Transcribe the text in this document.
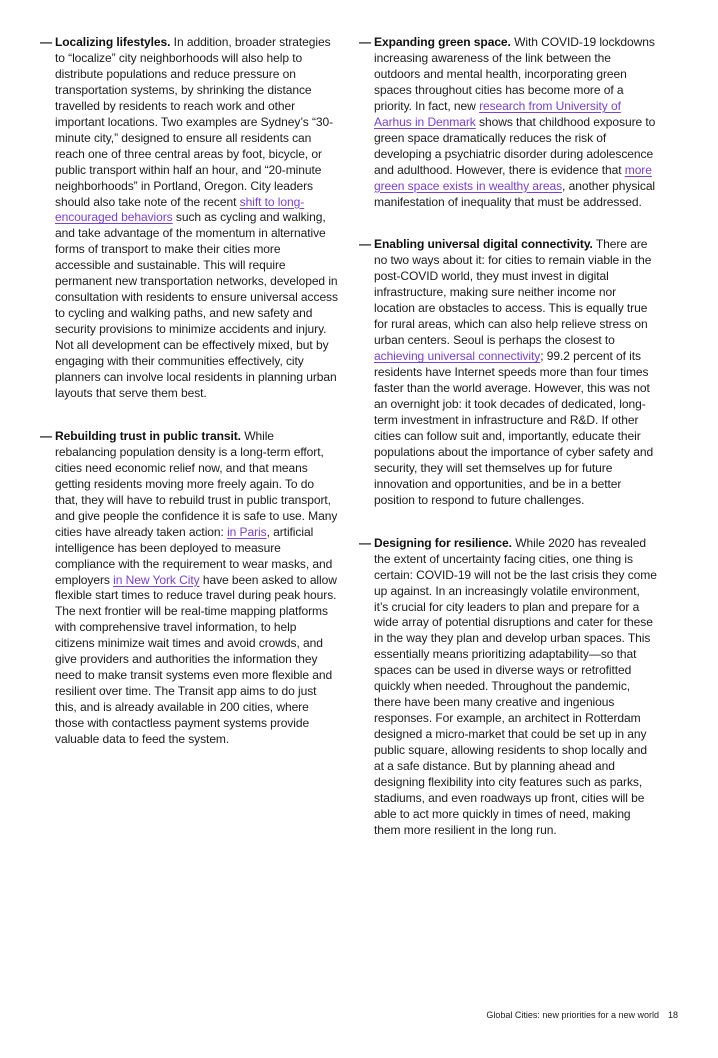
— Localizing lifestyles. In addition, broader strategies to “localize” city neighborhoods will also help to distribute populations and reduce pressure on transportation systems, by shrinking the distance travelled by residents to reach work and other important locations. Two examples are Sydney’s “30-minute city,” designed to ensure all residents can reach one of three central areas by foot, bicycle, or public transport within half an hour, and “20-minute neighborhoods” in Portland, Oregon. City leaders should also take note of the recent shift to long-encouraged behaviors such as cycling and walking, and take advantage of the momentum in alternative forms of transport to make their cities more accessible and sustainable. This will require permanent new transportation networks, developed in consultation with residents to ensure universal access to cycling and walking paths, and new safety and security provisions to minimize accidents and injury. Not all development can be effectively mixed, but by engaging with their communities effectively, city planners can involve local residents in planning urban layouts that serve them best.

— Rebuilding trust in public transit. While rebalancing population density is a long-term effort, cities need economic relief now, and that means getting residents moving more freely again. To do that, they will have to rebuild trust in public transport, and give people the confidence it is safe to use. Many cities have already taken action: in Paris, artificial intelligence has been deployed to measure compliance with the requirement to wear masks, and employers in New York City have been asked to allow flexible start times to reduce travel during peak hours. The next frontier will be real-time mapping platforms with comprehensive travel information, to help citizens minimize wait times and avoid crowds, and give providers and authorities the information they need to make transit systems even more flexible and resilient over time. The Transit app aims to do just this, and is already available in 200 cities, where those with contactless payment systems provide valuable data to feed the system.

— Expanding green space. With COVID-19 lockdowns increasing awareness of the link between the outdoors and mental health, incorporating green spaces throughout cities has become more of a priority. In fact, new research from University of Aarhus in Denmark shows that childhood exposure to green space dramatically reduces the risk of developing a psychiatric disorder during adolescence and adulthood. However, there is evidence that more green space exists in wealthy areas, another physical manifestation of inequality that must be addressed.

— Enabling universal digital connectivity. There are no two ways about it: for cities to remain viable in the post-COVID world, they must invest in digital infrastructure, making sure neither income nor location are obstacles to access. This is equally true for rural areas, which can also help relieve stress on urban centers. Seoul is perhaps the closest to achieving universal connectivity; 99.2 percent of its residents have Internet speeds more than four times faster than the world average. However, this was not an overnight job: it took decades of dedicated, long-term investment in infrastructure and R&D. If other cities can follow suit and, importantly, educate their populations about the importance of cyber safety and security, they will set themselves up for future innovation and opportunities, and be in a better position to respond to future challenges.

— Designing for resilience. While 2020 has revealed the extent of uncertainty facing cities, one thing is certain: COVID-19 will not be the last crisis they come up against. In an increasingly volatile environment, it’s crucial for city leaders to plan and prepare for a wide array of potential disruptions and cater for these in the way they plan and develop urban spaces. This essentially means prioritizing adaptability—so that spaces can be used in diverse ways or retrofitted quickly when needed. Throughout the pandemic, there have been many creative and ingenious responses. For example, an architect in Rotterdam designed a micro-market that could be set up in any public square, allowing residents to shop locally and at a safe distance. But by planning ahead and designing flexibility into city features such as parks, stadiums, and even roadways up front, cities will be able to act more quickly in times of need, making them more resilient in the long run.

Global Cities: new priorities for a new world 18
